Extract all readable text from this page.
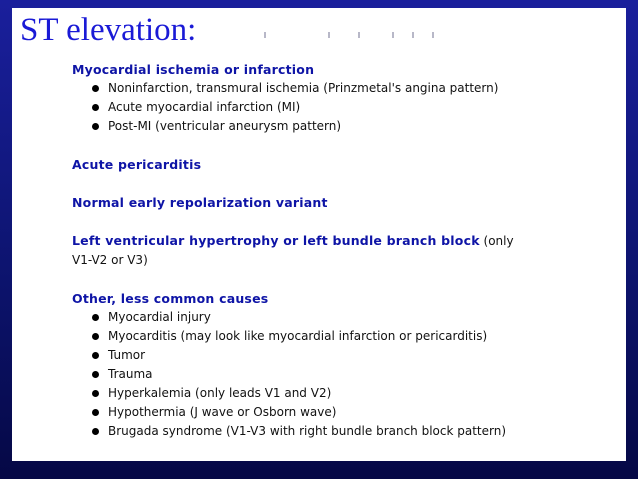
ST elevation:
Myocardial ischemia or infarction
Noninfarction, transmural ischemia (Prinzmetal's angina pattern)
Acute myocardial infarction (MI)
Post-MI (ventricular aneurysm pattern)
Acute pericarditis
Normal early repolarization variant
Left ventricular hypertrophy or left bundle branch block (only
V1-V2 or V3)
Other, less common causes
Myocardial injury
Myocarditis (may look like myocardial infarction or pericarditis)
Tumor
Trauma
Hyperkalemia (only leads V1 and V2)
Hypothermia (J wave or Osborn wave)
Brugada syndrome (V1-V3 with right bundle branch block pattern)
